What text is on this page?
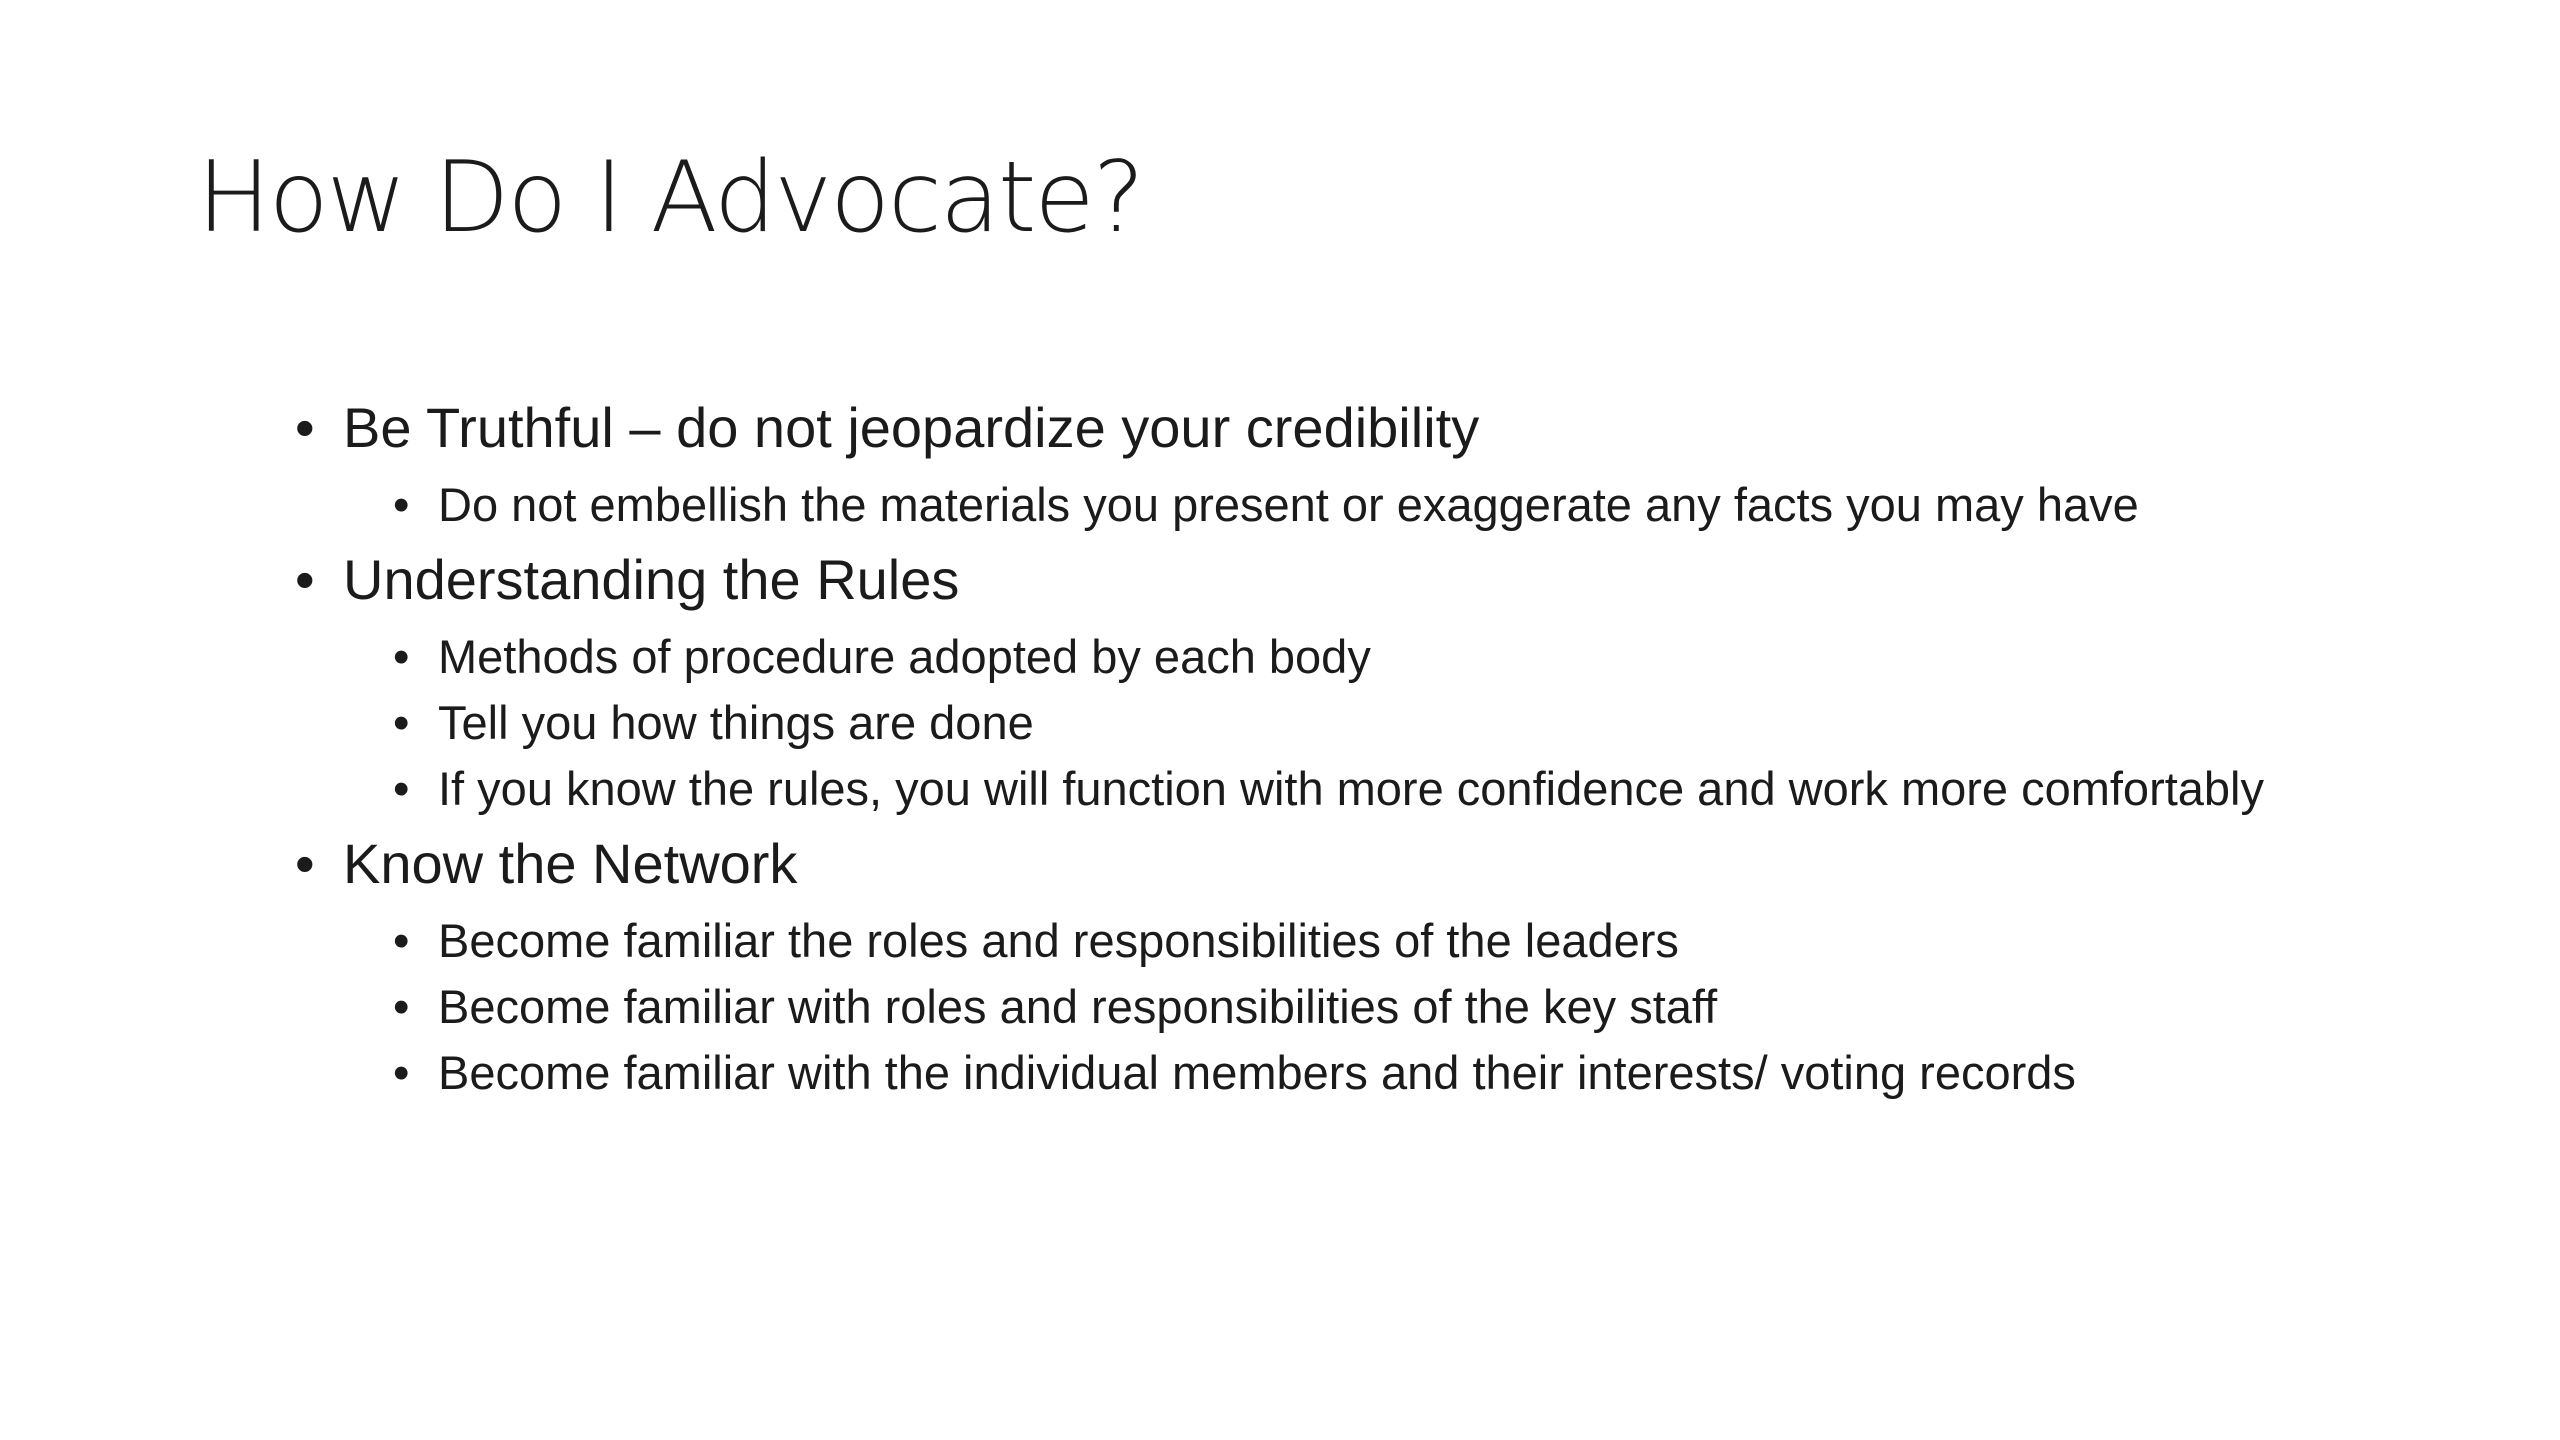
How Do I Advocate?
• Be Truthful – do not jeopardize your credibility
• Do not embellish the materials you present or exaggerate any facts you may have
• Understanding the Rules
• Methods of procedure adopted by each body
• Tell you how things are done
• If you know the rules, you will function with more confidence and work more comfortably
• Know the Network
• Become familiar the roles and responsibilities of the leaders
• Become familiar with roles and responsibilities of the key staff
• Become familiar with the individual members and their interests/ voting records
